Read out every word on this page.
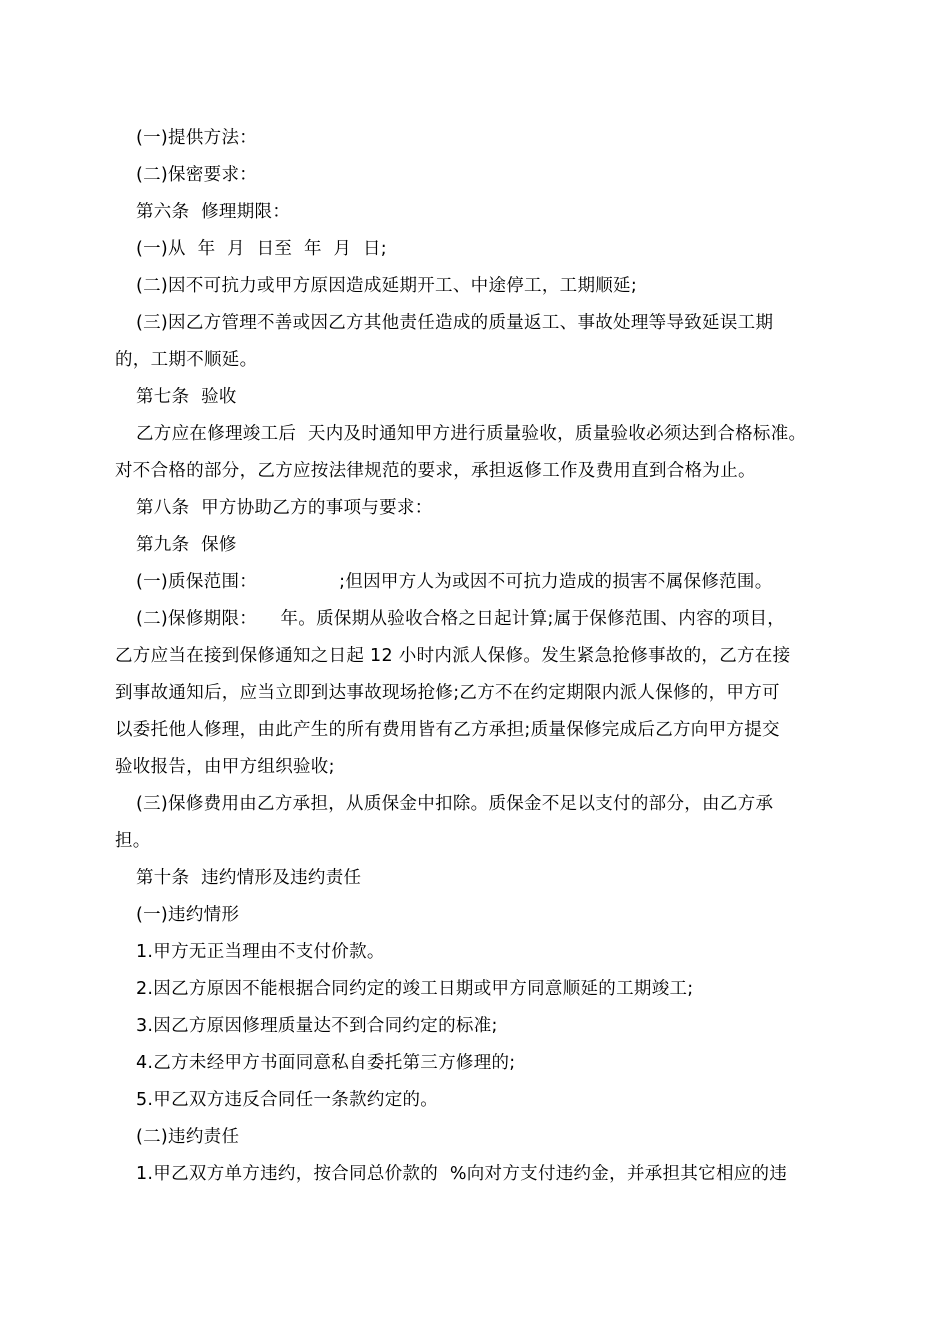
(一)提供方法：
(二)保密要求：
第六条  修理期限：
(一)从  年  月  日至  年  月  日;
(二)因不可抗力或甲方原因造成延期开工、中途停工，工期顺延;
(三)因乙方管理不善或因乙方其他责任造成的质量返工、事故处理等导致延误工期
的，工期不顺延。
第七条  验收
乙方应在修理竣工后  天内及时通知甲方进行质量验收，质量验收必须达到合格标准。
对不合格的部分，乙方应按法律规范的要求，承担返修工作及费用直到合格为止。
第八条  甲方协助乙方的事项与要求：
第九条  保修
(一)质保范围：              ;但因甲方人为或因不可抗力造成的损害不属保修范围。
(二)保修期限：    年。质保期从验收合格之日起计算;属于保修范围、内容的项目，
乙方应当在接到保修通知之日起 12 小时内派人保修。发生紧急抢修事故的，乙方在接
到事故通知后，应当立即到达事故现场抢修;乙方不在约定期限内派人保修的，甲方可
以委托他人修理，由此产生的所有费用皆有乙方承担;质量保修完成后乙方向甲方提交
验收报告，由甲方组织验收;
(三)保修费用由乙方承担，从质保金中扣除。质保金不足以支付的部分，由乙方承
担。
第十条  违约情形及违约责任
(一)违约情形
1.甲方无正当理由不支付价款。
2.因乙方原因不能根据合同约定的竣工日期或甲方同意顺延的工期竣工;
3.因乙方原因修理质量达不到合同约定的标准;
4.乙方未经甲方书面同意私自委托第三方修理的;
5.甲乙双方违反合同任一条款约定的。
(二)违约责任
1.甲乙双方单方违约，按合同总价款的  %向对方支付违约金，并承担其它相应的违
